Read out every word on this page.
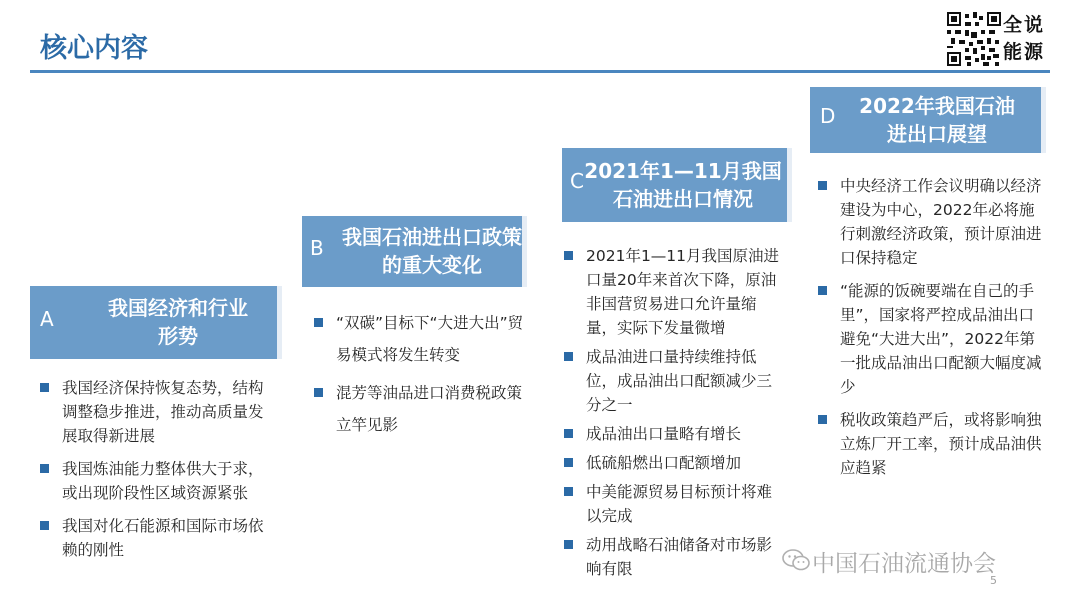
核心内容
全说能源
A	我国经济和行业形势
我国经济保持恢复态势，结构调整稳步推进，推动高质量发展取得新进展
我国炼油能力整体供大于求，或出现阶段性区域资源紧张
我国对化石能源和国际市场依赖的刚性
B 我国石油进出口政策的重大变化
“双碳”目标下“大进大出”贸易模式将发生转变
混芳等油品进口消费税政策立竿见影
C 2021年1—11月我国石油进出口情况
2021年1—11月我国原油进口量20年来首次下降，原油非国营贸易进口允许量缩量，实际下发量微增
成品油进口量持续维持低位，成品油出口配额减少三分之一
成品油出口量略有增长
低硫船燃出口配额增加
中美能源贸易目标预计将难以完成
动用战略石油储备对市场影响有限
D	2022年我国石油进出口展望
中央经济工作会议明确以经济建设为中心，2022年必将施行刺激经济政策，预计原油进口保持稳定
“能源的饭碗要端在自己的手里”，国家将严控成品油出口避免“大进大出”，2022年第一批成品油出口配额大幅度减少
税收政策趋严后，或将影响独立炼厂开工率，预计成品油供应趋紧
中国石油流通协会
5
